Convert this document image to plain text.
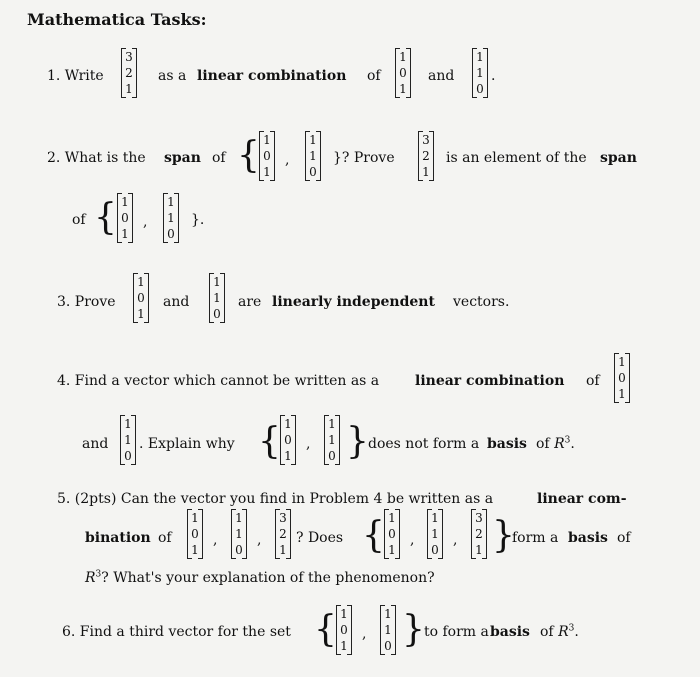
Mathematica Tasks:
1. Write
3
2
1
as a linear combination of
1
0
1
and
1
1
0
.
2. What is the span of { 1
0
1
,
1
1
0
}? Prove
3
2
1
is an element of the span
of { 1
0
1
,
1
1
0
}.
3. Prove
1
0
1
and
1
1
0
are linearly independent vectors.
4. Find a vector which cannot be written as a	linear combination of
1
0
1
and
1
1
0
. Explain why { 1
0
1
,
1
1
0 } does not form a basis of $R^3$.
5. (2pts) Can the vector you find in Problem 4 be written as a	linear com-
bination of
1
0
1
,
1
1
0
,
3
2
1
? Does { 1
0
1
,
1
1
0
,
3
2
1 }
form a basis of
$R^3$? What's your explanation of the phenomenon?
6. Find a third vector for the set { 1
0
1
,
1
1
0 } to form a basis of $R^3$.
